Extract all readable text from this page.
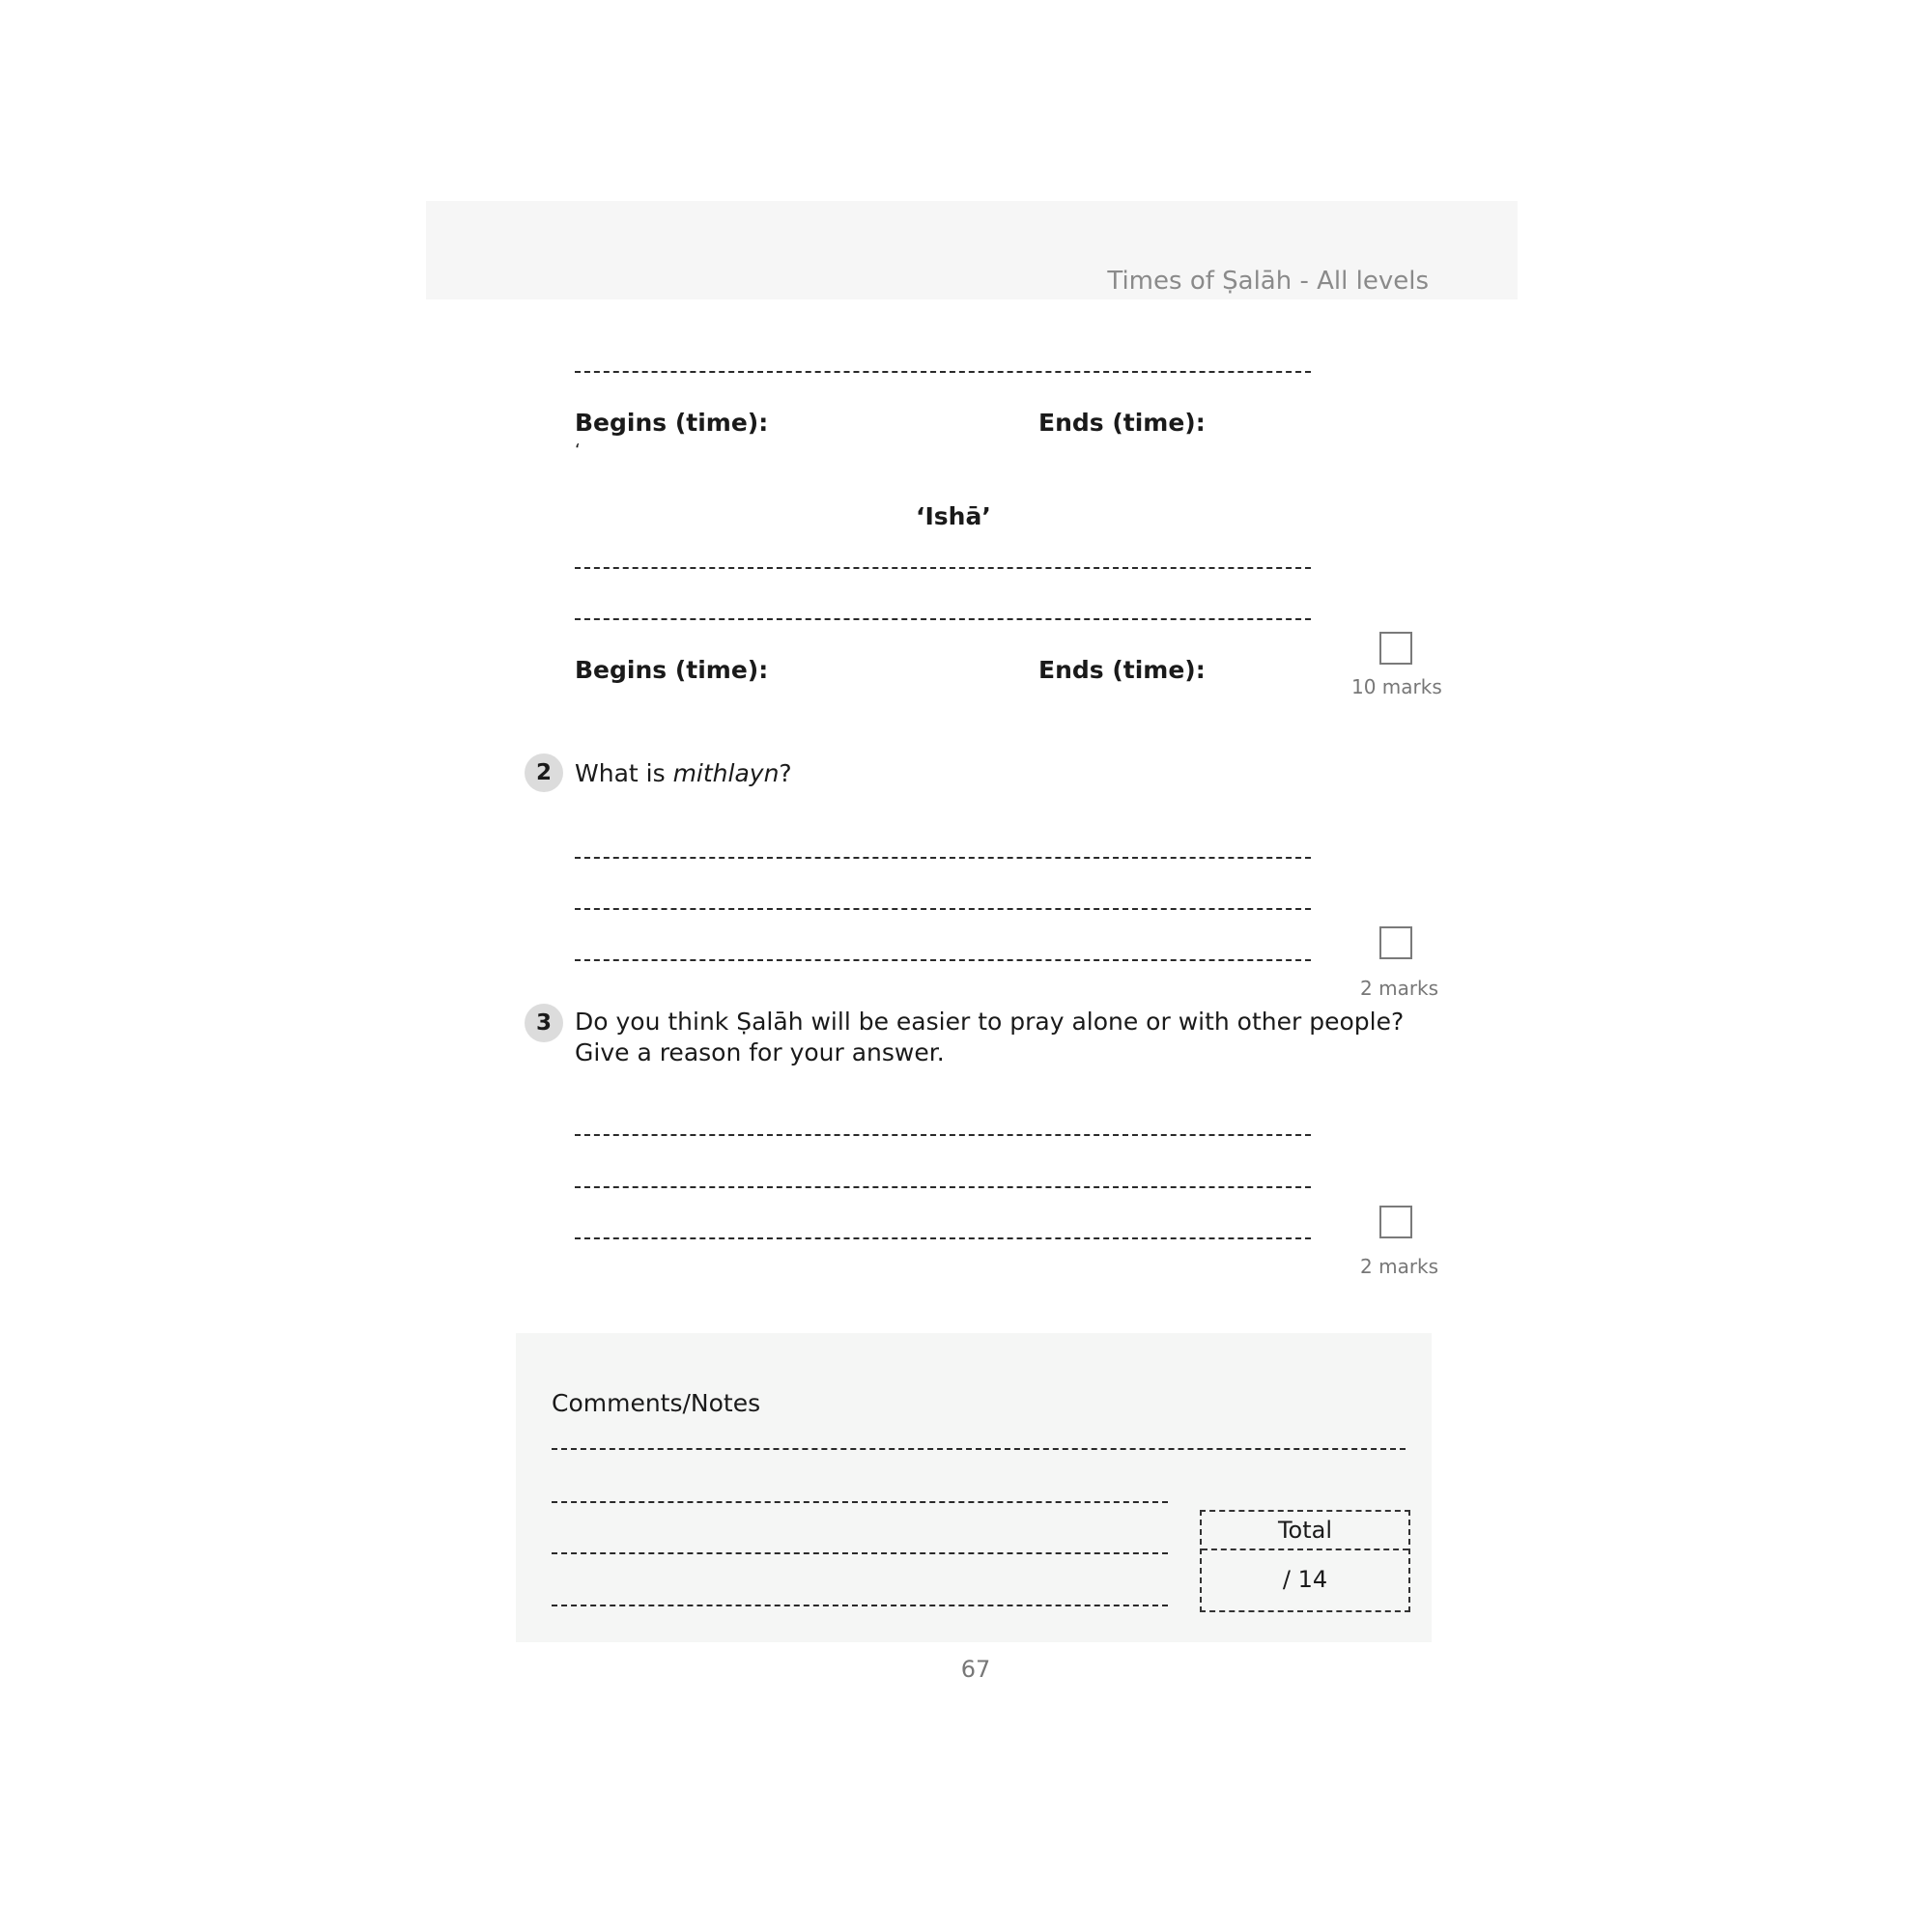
Times of Ṣalāh - All levels
Begins (time):	Ends (time):
‘
‘Ishā’
Begins (time):	Ends (time):
10 marks
2 What is mithlayn?
2 marks
3 Do you think Ṣalāh will be easier to pray alone or with other people?
Give a reason for your answer.
2 marks
Comments/Notes
Total
/ 14
67
